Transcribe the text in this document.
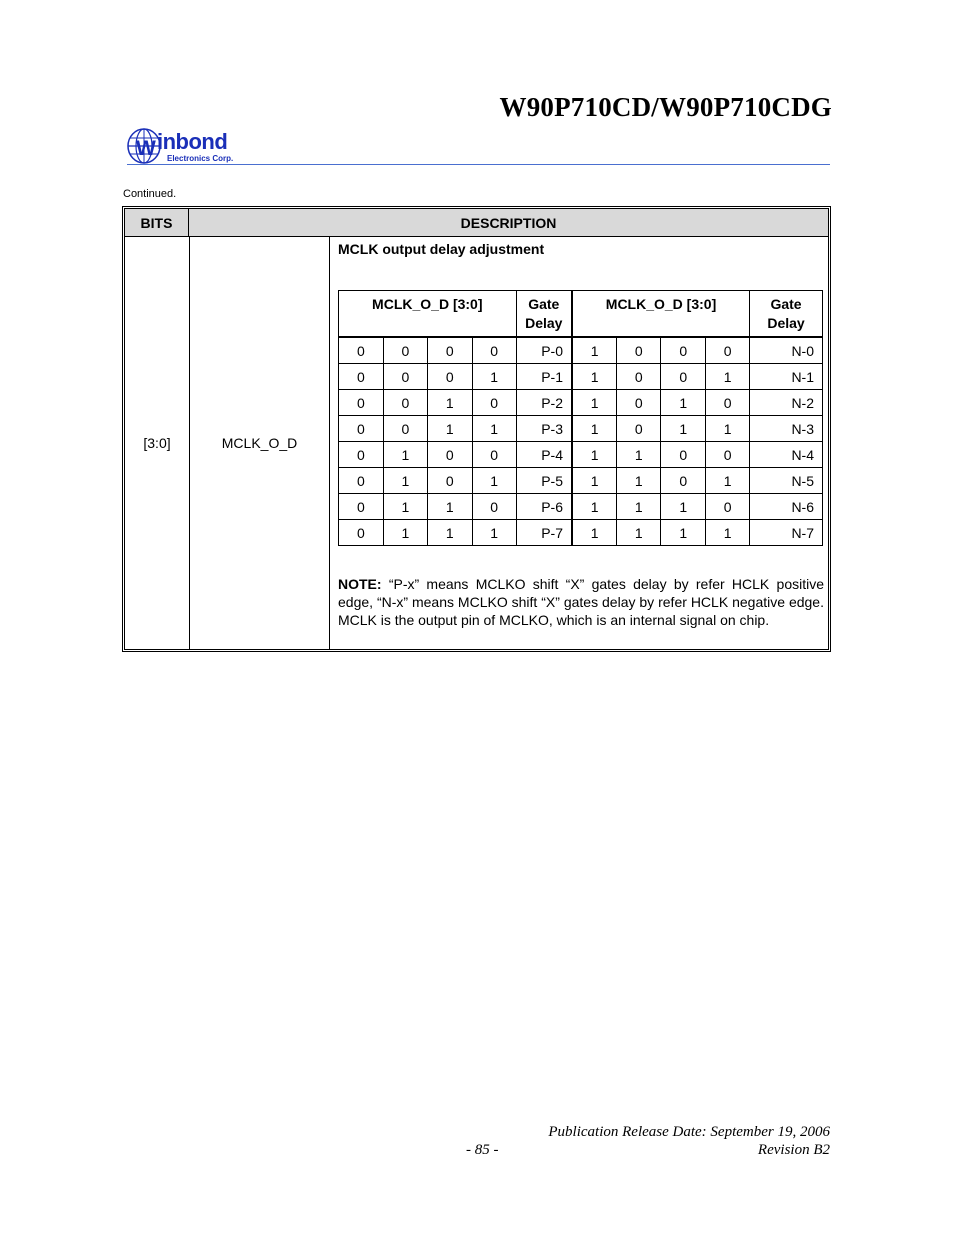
W90P710CD/W90P710CDG
W inbond
Electronics Corp.
Continued.
BITS	DESCRIPTION
[3:0]	MCLK_O_D
MCLK output delay adjustment
MCLK_O_D [3:0]				Gate Delay	MCLK_O_D [3:0]				Gate Delay
0	0	0	0	P-0	1	0	0	0	N-0
0	0	0	1	P-1	1	0	0	1	N-1
0	0	1	0	P-2	1	0	1	0	N-2
0	0	1	1	P-3	1	0	1	1	N-3
0	1	0	0	P-4	1	1	0	0	N-4
0	1	0	1	P-5	1	1	0	1	N-5
0	1	1	0	P-6	1	1	1	0	N-6
0	1	1	1	P-7	1	1	1	1	N-7
NOTE: “P-x” means MCLKO shift “X” gates delay by refer HCLK positive edge, “N-x” means MCLKO shift “X” gates delay by refer HCLK negative edge. MCLK is the output pin of MCLKO, which is an internal signal on chip.
Publication Release Date: September 19, 2006
- 85 -	Revision B2
